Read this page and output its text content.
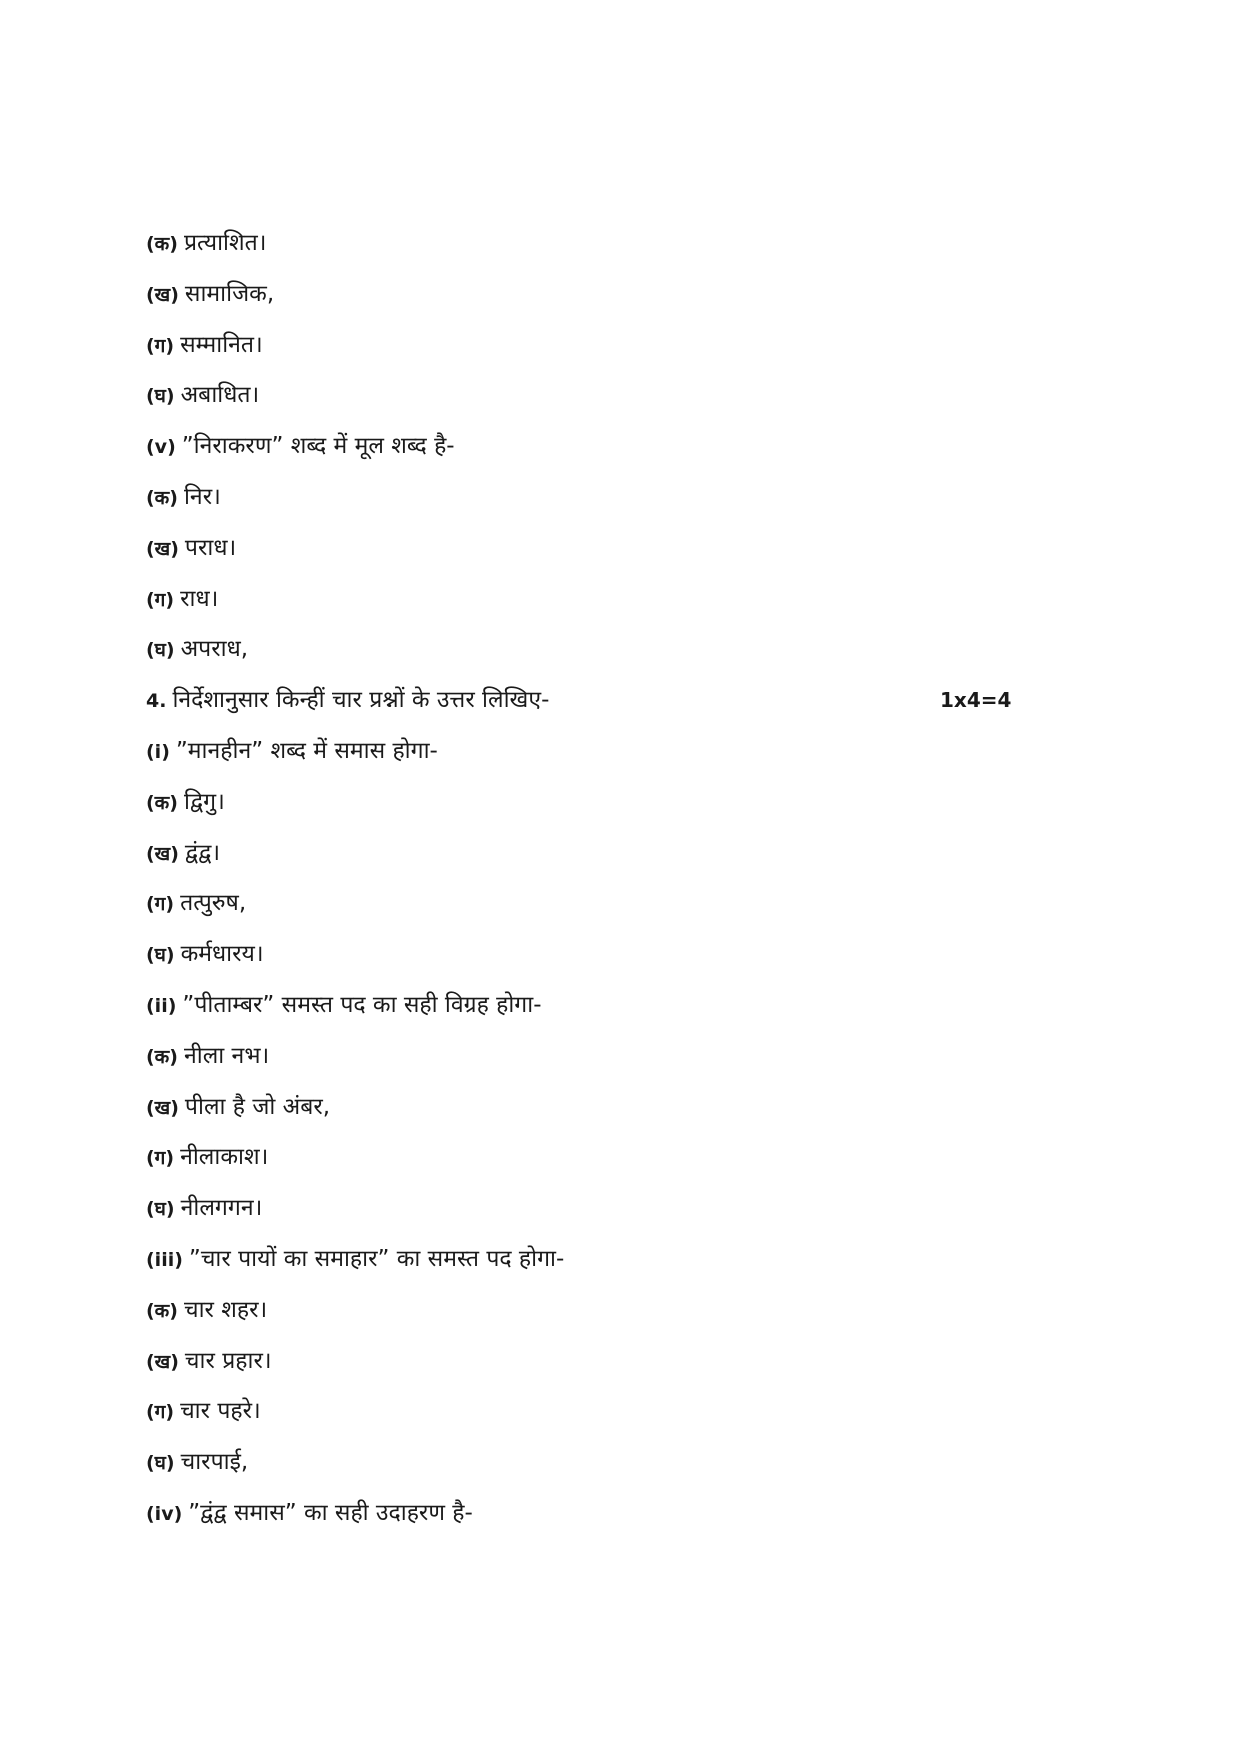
(क) प्रत्याशित।
(ख) सामाजिक,
(ग) सम्मानित।
(घ) अबाधित।
(v) ”निराकरण” शब्द में मूल शब्द है-
(क) निर।
(ख) पराध।
(ग) राध।
(घ) अपराध,
4. निर्देशानुसार किन्हीं चार प्रश्नों के उत्तर लिखिए-	1x4=4
(i) ”मानहीन” शब्द में समास होगा-
(क) द्विगु।
(ख) द्वंद्व।
(ग) तत्पुरुष,
(घ) कर्मधारय।
(ii) ”पीताम्बर” समस्त पद का सही विग्रह होगा-
(क) नीला नभ।
(ख) पीला है जो अंबर,
(ग) नीलाकाश।
(घ) नीलगगन।
(iii) ”चार पायों का समाहार” का समस्त पद होगा-
(क) चार शहर।
(ख) चार प्रहार।
(ग) चार पहरे।
(घ) चारपाई,
(iv) ”द्वंद्व समास” का सही उदाहरण है-
